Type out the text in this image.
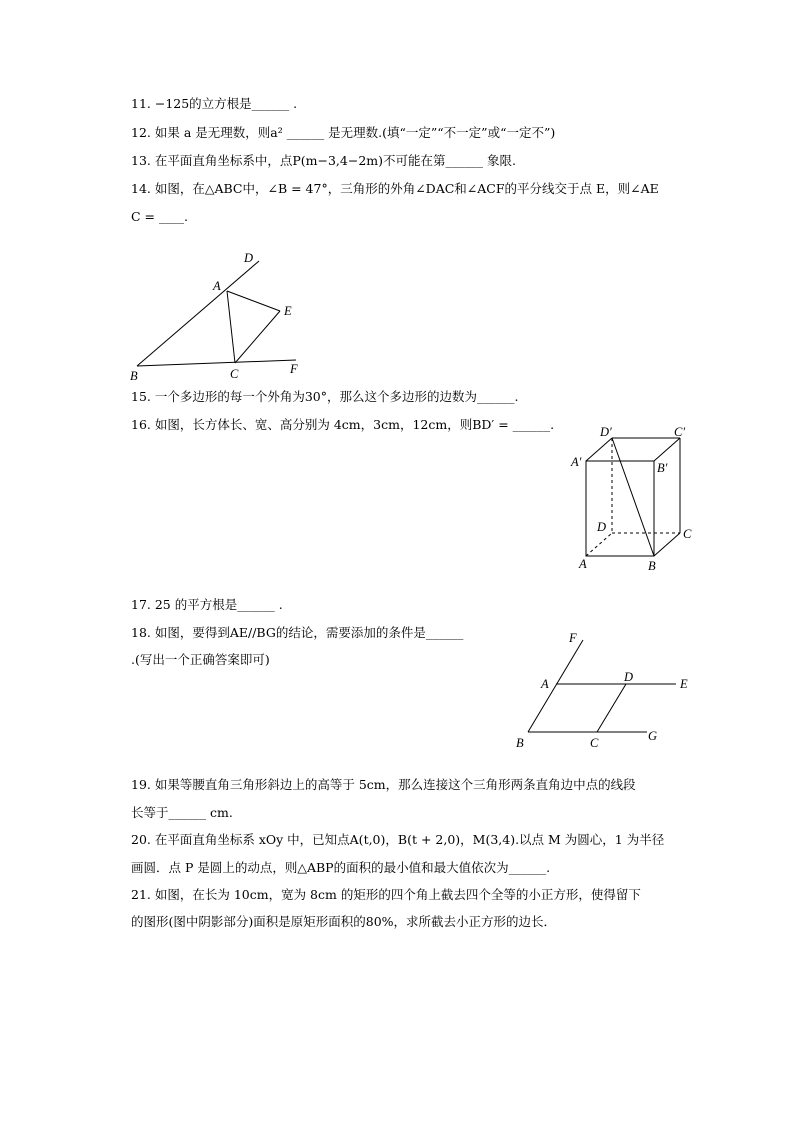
11. −125的立方根是______ .
12. 如果 a 是无理数，则a² ______ 是无理数.(填“一定”“不一定”或“一定不”)
13. 在平面直角坐标系中，点P(m−3,4−2m)不可能在第______ 象限.
14. 如图，在△ABC中，∠B = 47°，三角形的外角∠DAC和∠ACF的平分线交于点 E，则∠AE
C = ____.
D
A
E
B	C	F
15. 一个多边形的每一个外角为30°，那么这个多边形的边数为______.
16. 如图，长方体长、宽、高分别为 4cm，3cm，12cm，则BD′ = ______.	D′	C′
A′	B′
D	C
A	B
17. 25 的平方根是______ .
18. 如图，要得到AE//BG的结论，需要添加的条件是______
.(写出一个正确答案即可)
F
A	D	E
B	C	G
19. 如果等腰直角三角形斜边上的高等于 5cm，那么连接这个三角形两条直角边中点的线段
长等于______ cm.
20. 在平面直角坐标系 xOy 中，已知点A(t,0)，B(t + 2,0)，M(3,4).以点 M 为圆心，1 为半径
画圆．点 P 是圆上的动点，则△ABP的面积的最小值和最大值依次为______.
21. 如图，在长为 10cm，宽为 8cm 的矩形的四个角上截去四个全等的小正方形，使得留下
的图形(图中阴影部分)面积是原矩形面积的80%，求所截去小正方形的边长．
